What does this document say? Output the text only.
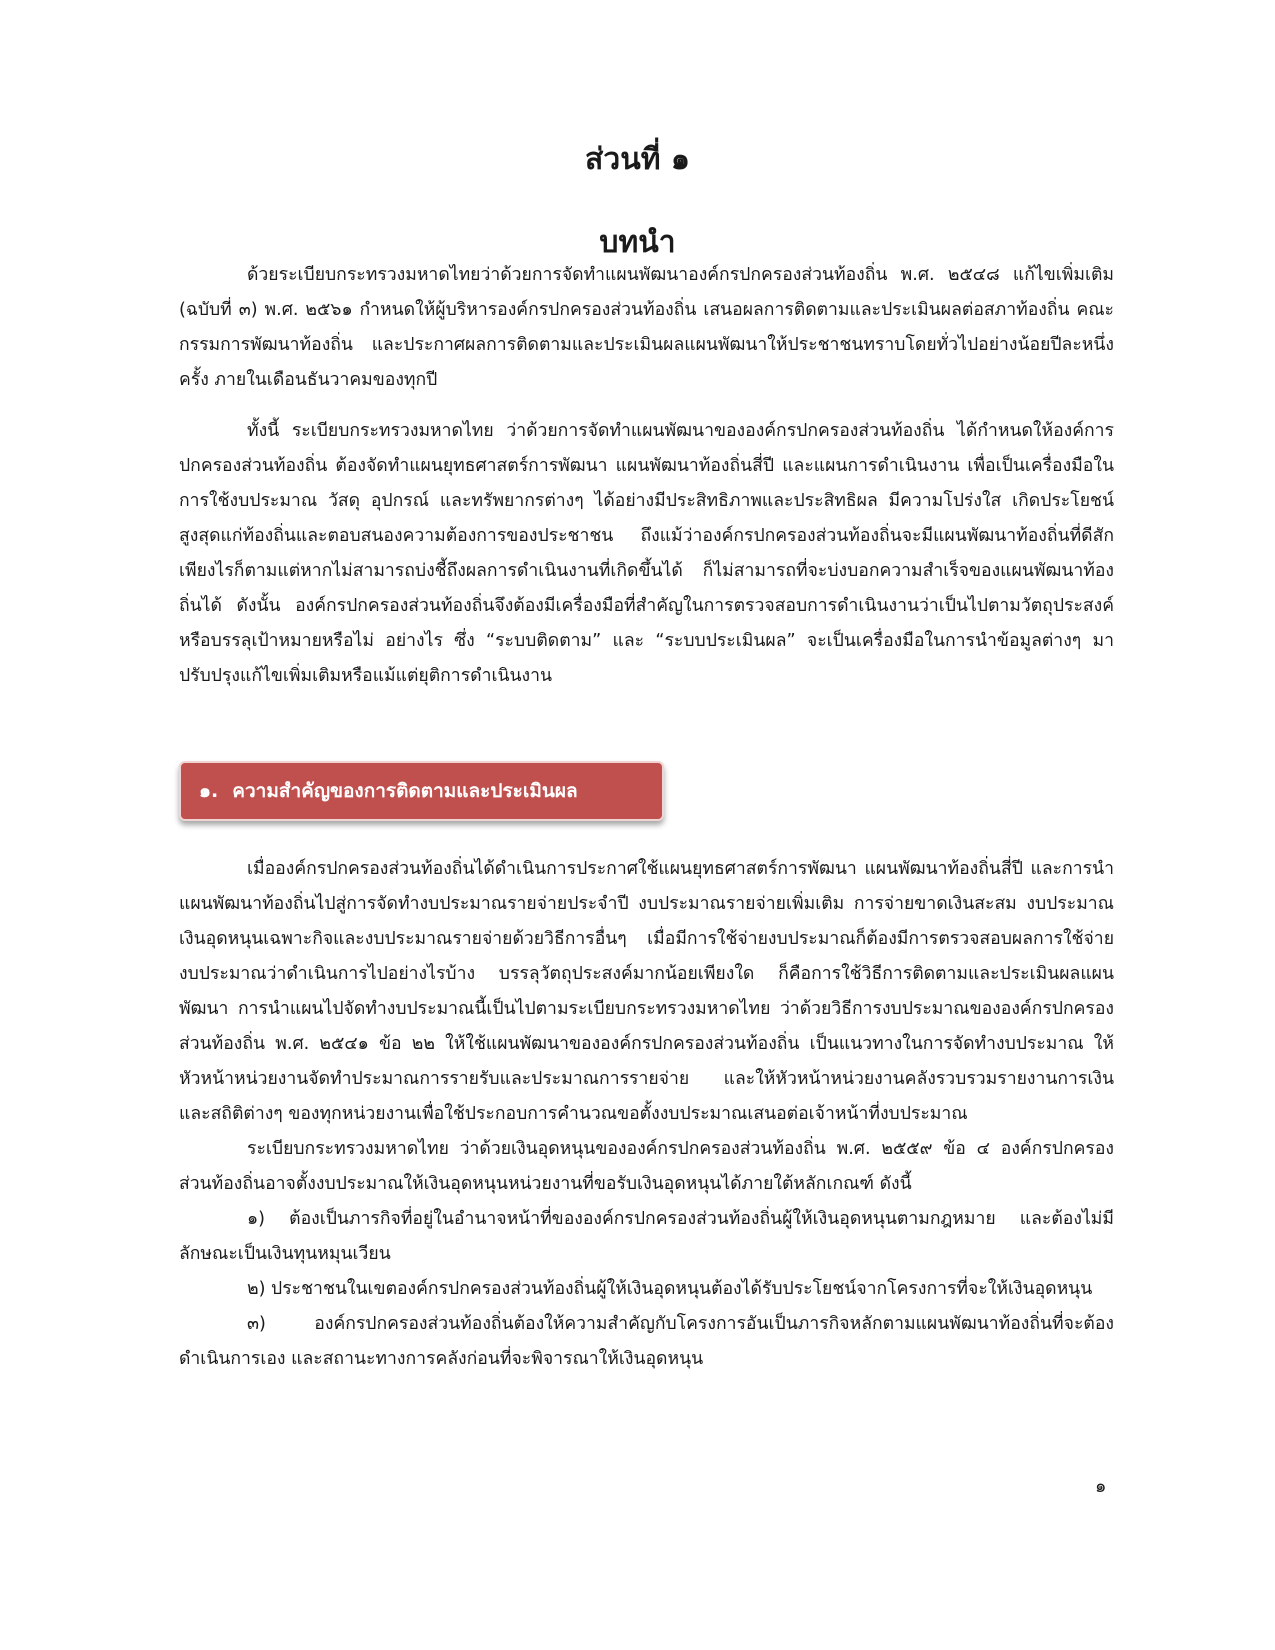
ส่วนที่ ๑
บทนำ

ด้วยระเบียบกระทรวงมหาดไทยว่าด้วยการจัดทำแผนพัฒนาองค์กรปกครองส่วนท้องถิ่น พ.ศ. ๒๕๔๘ แก้ไขเพิ่มเติม (ฉบับที่ ๓) พ.ศ. ๒๕๖๑ กำหนดให้ผู้บริหารองค์กรปกครองส่วนท้องถิ่น เสนอผลการติดตามและประเมินผลต่อสภาท้องถิ่น คณะกรรมการพัฒนาท้องถิ่น และประกาศผลการติดตามและประเมินผลแผนพัฒนาให้ประชาชนทราบโดยทั่วไปอย่างน้อยปีละหนึ่งครั้ง ภายในเดือนธันวาคมของทุกปี

ทั้งนี้ ระเบียบกระทรวงมหาดไทย ว่าด้วยการจัดทำแผนพัฒนาขององค์กรปกครองส่วนท้องถิ่น ได้กำหนดให้องค์การปกครองส่วนท้องถิ่น ต้องจัดทำแผนยุทธศาสตร์การพัฒนา แผนพัฒนาท้องถิ่นสี่ปี และแผนการดำเนินงาน เพื่อเป็นเครื่องมือในการใช้งบประมาณ วัสดุ อุปกรณ์ และทรัพยากรต่างๆ ได้อย่างมีประสิทธิภาพและประสิทธิผล มีความโปร่งใส เกิดประโยชน์สูงสุดแก่ท้องถิ่นและตอบสนองความต้องการของประชาชน ถึงแม้ว่าองค์กรปกครองส่วนท้องถิ่นจะมีแผนพัฒนาท้องถิ่นที่ดีสักเพียงไรก็ตามแต่หากไม่สามารถบ่งชี้ถึงผลการดำเนินงานที่เกิดขึ้นได้ ก็ไม่สามารถที่จะบ่งบอกความสำเร็จของแผนพัฒนาท้องถิ่นได้ ดังนั้น องค์กรปกครองส่วนท้องถิ่นจึงต้องมีเครื่องมือที่สำคัญในการตรวจสอบการดำเนินงานว่าเป็นไปตามวัตถุประสงค์หรือบรรลุเป้าหมายหรือไม่ อย่างไร ซึ่ง “ระบบติดตาม” และ “ระบบประเมินผล” จะเป็นเครื่องมือในการนำข้อมูลต่างๆ มาปรับปรุงแก้ไขเพิ่มเติมหรือแม้แต่ยุติการดำเนินงาน

๑. ความสำคัญของการติดตามและประเมินผล

เมื่อองค์กรปกครองส่วนท้องถิ่นได้ดำเนินการประกาศใช้แผนยุทธศาสตร์การพัฒนา แผนพัฒนาท้องถิ่นสี่ปี และการนำแผนพัฒนาท้องถิ่นไปสู่การจัดทำงบประมาณรายจ่ายประจำปี งบประมาณรายจ่ายเพิ่มเติม การจ่ายขาดเงินสะสม งบประมาณเงินอุดหนุนเฉพาะกิจและงบประมาณรายจ่ายด้วยวิธีการอื่นๆ เมื่อมีการใช้จ่ายงบประมาณก็ต้องมีการตรวจสอบผลการใช้จ่ายงบประมาณว่าดำเนินการไปอย่างไรบ้าง บรรลุวัตถุประสงค์มากน้อยเพียงใด ก็คือการใช้วิธีการติดตามและประเมินผลแผนพัฒนา การนำแผนไปจัดทำงบประมาณนี้เป็นไปตามระเบียบกระทรวงมหาดไทย ว่าด้วยวิธีการงบประมาณขององค์กรปกครองส่วนท้องถิ่น พ.ศ. ๒๕๔๑ ข้อ ๒๒ ให้ใช้แผนพัฒนาขององค์กรปกครองส่วนท้องถิ่น เป็นแนวทางในการจัดทำงบประมาณ ให้หัวหน้าหน่วยงานจัดทำประมาณการรายรับและประมาณการรายจ่าย และให้หัวหน้าหน่วยงานคลังรวบรวมรายงานการเงินและสถิติต่างๆ ของทุกหน่วยงานเพื่อใช้ประกอบการคำนวณขอตั้งงบประมาณเสนอต่อเจ้าหน้าที่งบประมาณ

ระเบียบกระทรวงมหาดไทย ว่าด้วยเงินอุดหนุนขององค์กรปกครองส่วนท้องถิ่น พ.ศ. ๒๕๕๙ ข้อ ๔ องค์กรปกครองส่วนท้องถิ่นอาจตั้งงบประมาณให้เงินอุดหนุนหน่วยงานที่ขอรับเงินอุดหนุนได้ภายใต้หลักเกณฑ์ ดังนี้

๑) ต้องเป็นภารกิจที่อยู่ในอำนาจหน้าที่ขององค์กรปกครองส่วนท้องถิ่นผู้ให้เงินอุดหนุนตามกฎหมาย และต้องไม่มีลักษณะเป็นเงินทุนหมุนเวียน

๒) ประชาชนในเขตองค์กรปกครองส่วนท้องถิ่นผู้ให้เงินอุดหนุนต้องได้รับประโยชน์จากโครงการที่จะให้เงินอุดหนุน

๓) องค์กรปกครองส่วนท้องถิ่นต้องให้ความสำคัญกับโครงการอันเป็นภารกิจหลักตามแผนพัฒนาท้องถิ่นที่จะต้องดำเนินการเอง และสถานะทางการคลังก่อนที่จะพิจารณาให้เงินอุดหนุน

๑
